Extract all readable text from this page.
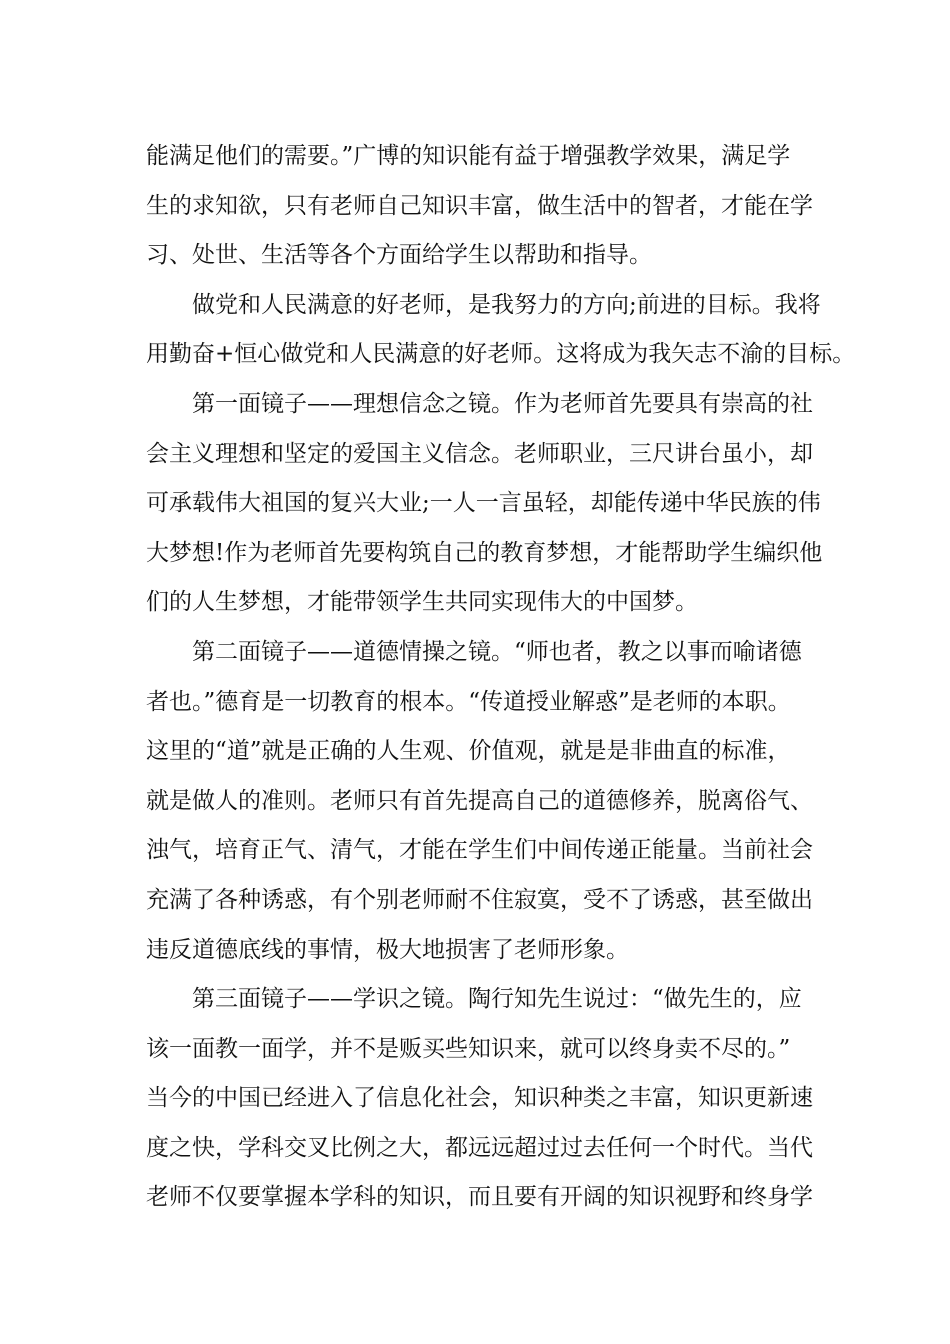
能满足他们的需要。”广博的知识能有益于增强教学效果，满足学
生的求知欲，只有老师自己知识丰富，做生活中的智者，才能在学
习、处世、生活等各个方面给学生以帮助和指导。
做党和人民满意的好老师，是我努力的方向;前进的目标。我将
用勤奋+恒心做党和人民满意的好老师。这将成为我矢志不渝的目标。
第一面镜子——理想信念之镜。作为老师首先要具有崇高的社
会主义理想和坚定的爱国主义信念。老师职业，三尺讲台虽小，却
可承载伟大祖国的复兴大业;一人一言虽轻，却能传递中华民族的伟
大梦想!作为老师首先要构筑自己的教育梦想，才能帮助学生编织他
们的人生梦想，才能带领学生共同实现伟大的中国梦。
第二面镜子——道德情操之镜。“师也者，教之以事而喻诸德
者也。”德育是一切教育的根本。“传道授业解惑”是老师的本职。
这里的“道”就是正确的人生观、价值观，就是是非曲直的标准，
就是做人的准则。老师只有首先提高自己的道德修养，脱离俗气、
浊气，培育正气、清气，才能在学生们中间传递正能量。当前社会
充满了各种诱惑，有个别老师耐不住寂寞，受不了诱惑，甚至做出
违反道德底线的事情，极大地损害了老师形象。
第三面镜子——学识之镜。陶行知先生说过：“做先生的，应
该一面教一面学，并不是贩买些知识来，就可以终身卖不尽的。”
当今的中国已经进入了信息化社会，知识种类之丰富，知识更新速
度之快，学科交叉比例之大，都远远超过过去任何一个时代。当代
老师不仅要掌握本学科的知识，而且要有开阔的知识视野和终身学
